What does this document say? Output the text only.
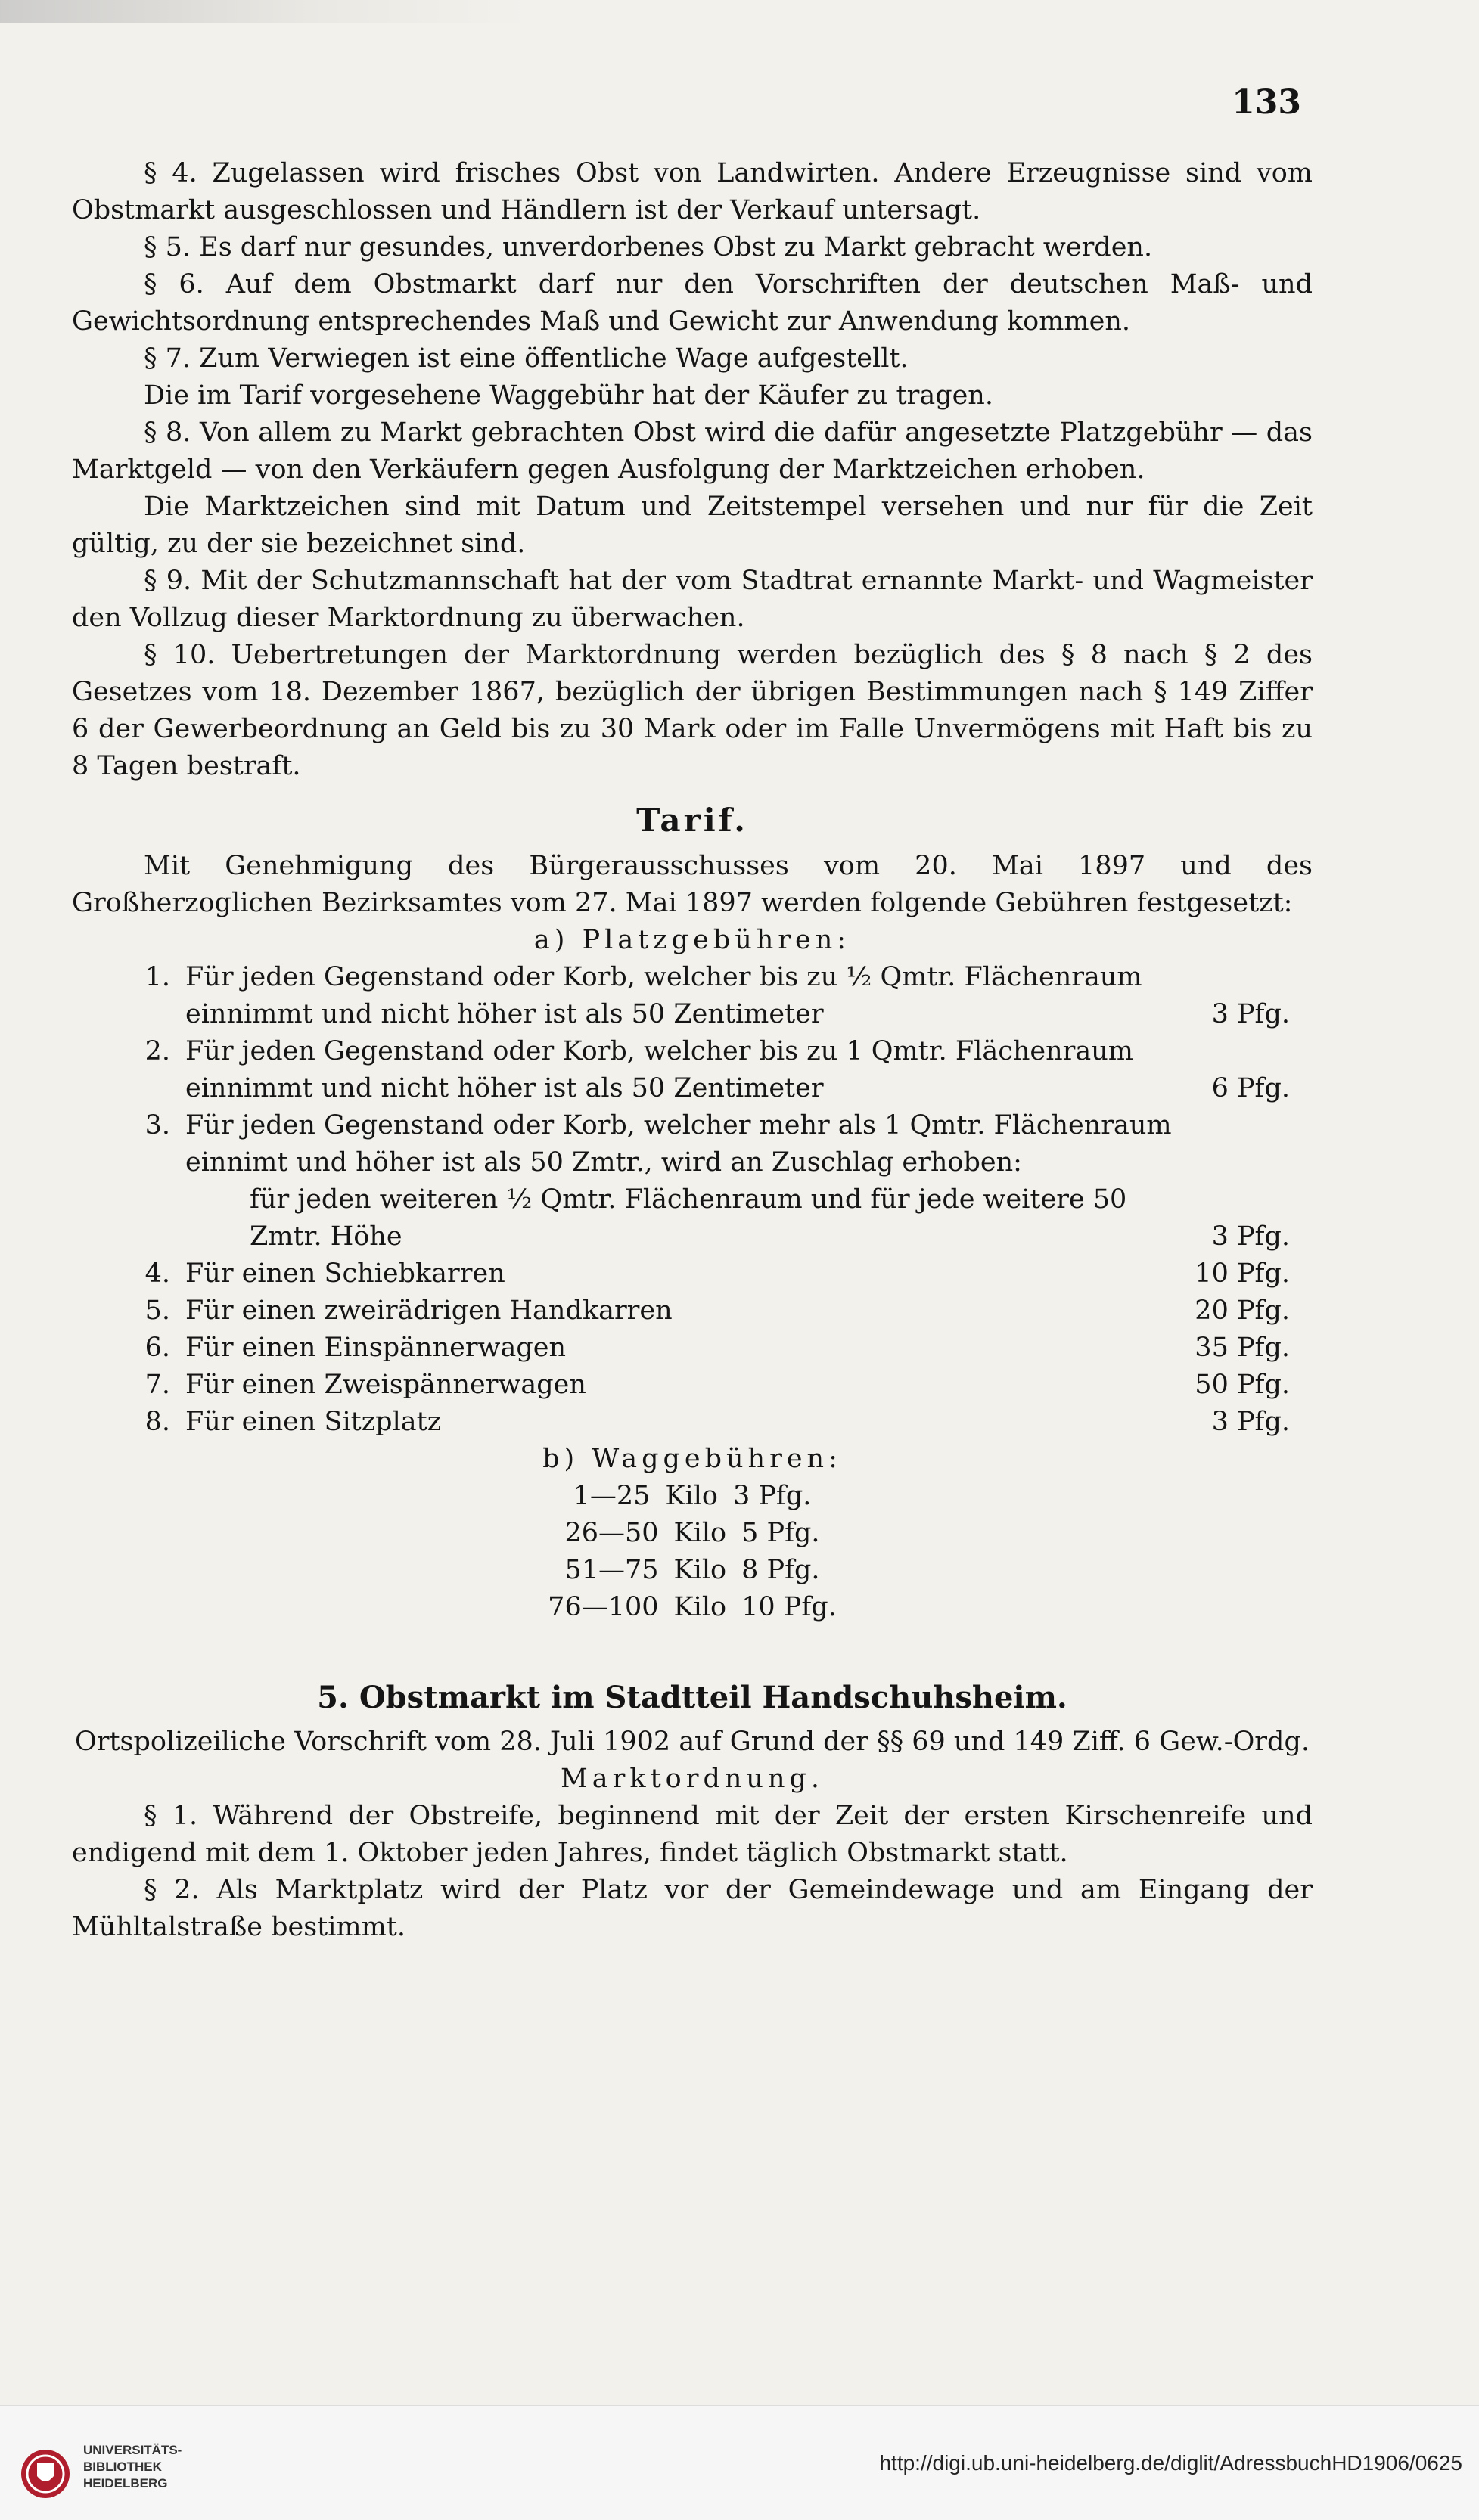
133

§ 4. Zugelassen wird frisches Obst von Landwirten. Andere Erzeugnisse sind vom Obstmarkt ausgeschlossen und Händlern ist der Verkauf untersagt.

§ 5. Es darf nur gesundes, unverdorbenes Obst zu Markt gebracht werden.

§ 6. Auf dem Obstmarkt darf nur den Vorschriften der deutschen Maß- und Gewichtsordnung entsprechendes Maß und Gewicht zur Anwendung kommen.

§ 7. Zum Verwiegen ist eine öffentliche Wage aufgestellt.

Die im Tarif vorgesehene Waggebühr hat der Käufer zu tragen.

§ 8. Von allem zu Markt gebrachten Obst wird die dafür angesetzte Platzgebühr — das Marktgeld — von den Verkäufern gegen Ausfolgung der Marktzeichen erhoben.

Die Marktzeichen sind mit Datum und Zeitstempel versehen und nur für die Zeit gültig, zu der sie bezeichnet sind.

§ 9. Mit der Schutzmannschaft hat der vom Stadtrat ernannte Markt- und Wagmeister den Vollzug dieser Marktordnung zu überwachen.

§ 10. Uebertretungen der Marktordnung werden bezüglich des § 8 nach § 2 des Gesetzes vom 18. Dezember 1867, bezüglich der übrigen Bestimmungen nach § 149 Ziffer 6 der Gewerbeordnung an Geld bis zu 30 Mark oder im Falle Unvermögens mit Haft bis zu 8 Tagen bestraft.

Tarif.

Mit Genehmigung des Bürgerausschusses vom 20. Mai 1897 und des Großherzoglichen Bezirksamtes vom 27. Mai 1897 werden folgende Gebühren festgesetzt:

a) Platzgebühren:
1. Für jeden Gegenstand oder Korb, welcher bis zu ½ Qmtr. Flächenraum einnimmt und nicht höher ist als 50 Zentimeter	3 Pfg.
2. Für jeden Gegenstand oder Korb, welcher bis zu 1 Qmtr. Flächenraum einnimmt und nicht höher ist als 50 Zentimeter	6 Pfg.
3. Für jeden Gegenstand oder Korb, welcher mehr als 1 Qmtr. Flächenraum einnimt und höher ist als 50 Zmtr., wird an Zuschlag erhoben:
für jeden weiteren ½ Qmtr. Flächenraum und für jede weitere 50 Zmtr. Höhe	3 Pfg.
4. Für einen Schiebkarren	10 Pfg.
5. Für einen zweirädrigen Handkarren	20 Pfg.
6. Für einen Einspännerwagen	35 Pfg.
7. Für einen Zweispännerwagen	50 Pfg.
8. Für einen Sitzplatz	3 Pfg.
b) Waggebühren:
1—25 Kilo 3 Pfg.
26—50 Kilo 5 Pfg.
51—75 Kilo 8 Pfg.
76—100 Kilo 10 Pfg.
5. Obstmarkt im Stadtteil Handschuhsheim.

Ortspolizeiliche Vorschrift vom 28. Juli 1902 auf Grund der §§ 69 und 149 Ziff. 6 Gew.-Ordg.

Marktordnung.

§ 1. Während der Obstreife, beginnend mit der Zeit der ersten Kirschenreife und endigend mit dem 1. Oktober jeden Jahres, findet täglich Obstmarkt statt.

§ 2. Als Marktplatz wird der Platz vor der Gemeindewage und am Eingang der Mühltalstraße bestimmt.

UNIVERSITÄTS-
BIBLIOTHEK
HEIDELBERG
http://digi.ub.uni-heidelberg.de/diglit/AdressbuchHD1906/0625
